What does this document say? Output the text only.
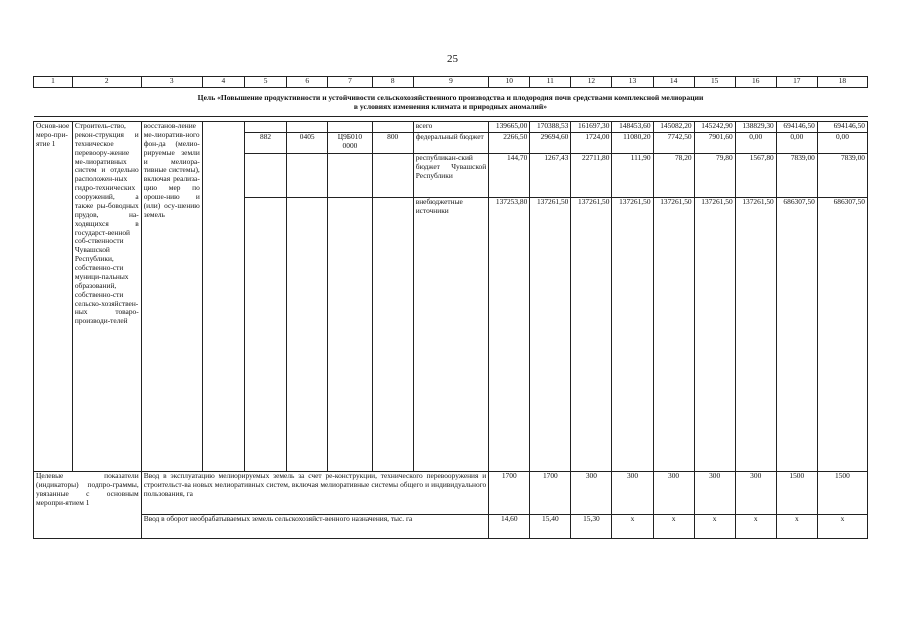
25
1	2	3	4	5	6	7	8	9	10	11	12	13	14	15	16	17	18

Цель «Повышение продуктивности и устойчивости сельскохозяйственного производства и плодородия почв средствами комплексной мелиорации
в условиях изменения климата и природных аномалий»																	

Основ-ное меро-при-ятие 1	Строитель-ство, рекон-струкция и техническое перевоору-жение ме-лиоративных систем и отдельно расположен-ных гидро-технических сооружений, а также ры-боводных прудов, на-ходящихся в государст-венной соб-ственности Чувашской Республики, собственно-сти муници-пальных образований, собственно-сти сельско-хозяйствен-ных товаро-производи-телей	восстанов-ление ме-лиоратив-ного фон-да (мелио-рируемые земли и мелиора-тивные системы), включая реализа-цию мер по ороше-нию и (или) осу-шению земель						всего	139665,00	170388,53	161697,30	148453,60	145082,20	145242,90	138829,30	694146,50	694146,50
				882	0405	Ц9Б010 0000	800	федеральный бюджет	2266,50	29694,60	1724,00	11080,20	7742,50	7901,60	0,00	0,00	0,00
								республикан-ский бюджет Чувашской Республики	144,70	1267,43	22711,80	111,90	78,20	79,80	1567,80	7839,00	7839,00
								внебюджетные источники	137253,80	137261,50	137261,50	137261,50	137261,50	137261,50	137261,50	686307,50	686307,50
Целевые показатели (индикаторы) подпро-граммы, увязанные с основным меропри-ятием 1		Ввод в эксплуатацию мелиорируемых земель за счет ре-конструкции, технического перевооружения и строительст-ва новых мелиоративных систем, включая мелиоративные системы общего и индивидуального пользования, га							1700	1700	300	300	300	300	300	1500	1500
		Ввод в оборот необрабатываемых земель сельскохозяйст-венного назначения, тыс. га							14,60	15,40	15,30	x	x	x	x	x	x
